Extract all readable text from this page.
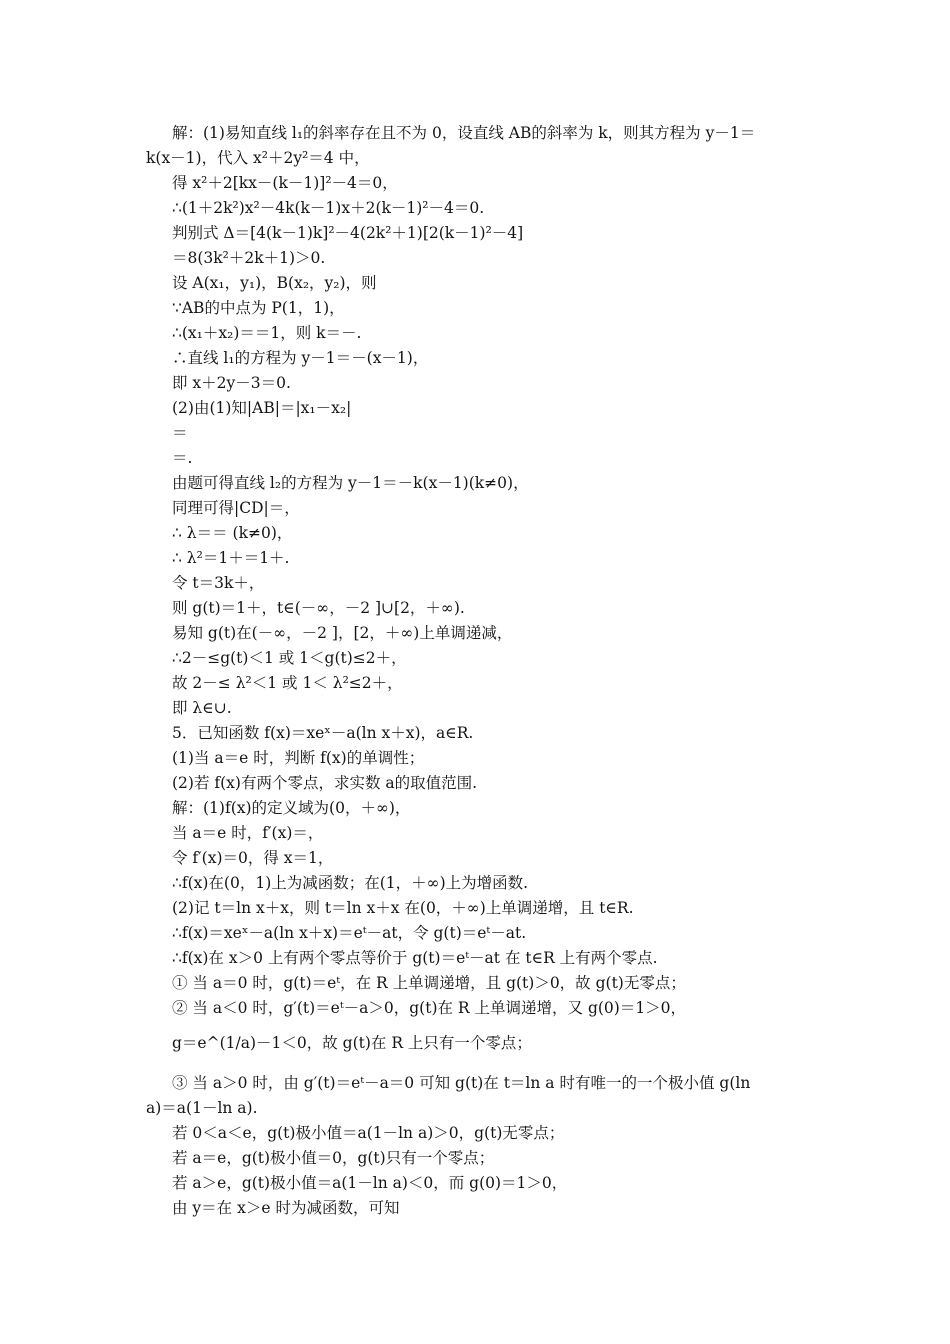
解：(1)易知直线 l₁的斜率存在且不为 0，设直线 AB的斜率为 k，则其方程为 y－1＝
k(x－1)，代入 x²＋2y²＝4 中，
得 x²＋2[kx－(k－1)]²－4＝0，
∴(1＋2k²)x²－4k(k－1)x＋2(k－1)²－4＝0.
判别式 Δ＝[4(k－1)k]²－4(2k²＋1)[2(k－1)²－4]
＝8(3k²＋2k＋1)＞0.
设 A(x₁，y₁)，B(x₂，y₂)，则
∵AB的中点为 P(1，1)，
∴(x₁＋x₂)＝＝1，则 k＝－.
∴直线 l₁的方程为 y－1＝－(x－1)，
即 x＋2y－3＝0.
(2)由(1)知|AB|＝|x₁－x₂|
＝
＝.
由题可得直线 l₂的方程为 y－1＝－k(x－1)(k≠0)，
同理可得|CD|＝，
∴ λ＝＝ (k≠0)，
∴ λ²＝1＋＝1＋.
令 t＝3k＋，
则 g(t)＝1＋，t∈(－∞，－2 ]∪[2，＋∞).
易知 g(t)在(－∞，－2 ]，[2，＋∞)上单调递减，
∴2－≤g(t)＜1 或 1＜g(t)≤2＋，
故 2－≤ λ²＜1 或 1＜ λ²≤2＋，
即 λ∈∪.
5．已知函数 f(x)＝xeˣ－a(ln x＋x)，a∈R.
(1)当 a＝e 时，判断 f(x)的单调性；
(2)若 f(x)有两个零点，求实数 a的取值范围.
解：(1)f(x)的定义域为(0，＋∞)，
当 a＝e 时，f′(x)＝，
令 f′(x)＝0，得 x＝1，
∴f(x)在(0，1)上为减函数；在(1，＋∞)上为增函数.
(2)记 t＝ln x＋x，则 t＝ln x＋x 在(0，＋∞)上单调递增，且 t∈R.
∴f(x)＝xeˣ－a(ln x＋x)＝eᵗ－at，令 g(t)＝eᵗ－at.
∴f(x)在 x＞0 上有两个零点等价于 g(t)＝eᵗ－at 在 t∈R 上有两个零点.
① 当 a＝0 时，g(t)＝eᵗ，在 R 上单调递增，且 g(t)＞0，故 g(t)无零点；
② 当 a＜0 时，g′(t)＝eᵗ－a＞0，g(t)在 R 上单调递增，又 g(0)＝1＞0，
g＝e^(1/a)－1＜0，故 g(t)在 R 上只有一个零点；
③ 当 a＞0 时，由 g′(t)＝eᵗ－a＝0 可知 g(t)在 t＝ln a 时有唯一的一个极小值 g(ln
a)＝a(1－ln a).
若 0＜a＜e，g(t)极小值＝a(1－ln a)＞0，g(t)无零点；
若 a＝e，g(t)极小值＝0，g(t)只有一个零点；
若 a＞e，g(t)极小值＝a(1－ln a)＜0，而 g(0)＝1＞0，
由 y＝在 x＞e 时为减函数，可知
